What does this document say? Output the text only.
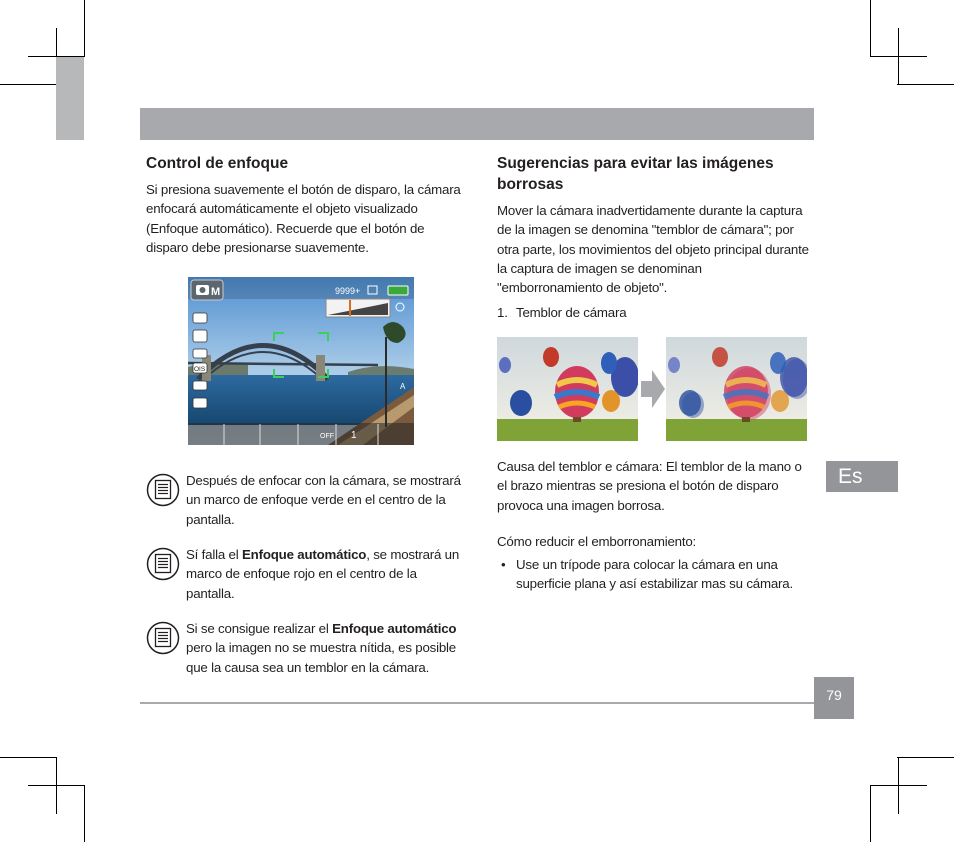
Es
79
Control de enfoque
Si presiona suavemente el botón de disparo, la cámara enfocará automáticamente el objeto visualizado (Enfoque automático). Recuerde que el botón de disparo debe presionarse suavemente.
M	9999+
OIS
A
OFF 1
Después de enfocar con la cámara, se mostrará un marco de enfoque verde en el centro de la pantalla.
Sí falla el Enfoque automático, se mostrará un marco de enfoque rojo en el centro de la pantalla.
Si se consigue realizar el Enfoque automático pero la imagen no se muestra nítida, es posible que la causa sea un temblor en la cámara.
Sugerencias para evitar las imágenes borrosas
Mover la cámara inadvertidamente durante la captura de la imagen se denomina "temblor de cámara"; por otra parte, los movimientos del objeto principal durante la captura de imagen se denominan "emborronamiento de objeto".
1. Temblor de cámara
Causa del temblor e cámara: El temblor de la mano o el brazo mientras se presiona el botón de disparo provoca una imagen borrosa.
Cómo reducir el emborronamiento:
• Use un trípode para colocar la cámara en una superficie plana y así estabilizar mas su cámara.
